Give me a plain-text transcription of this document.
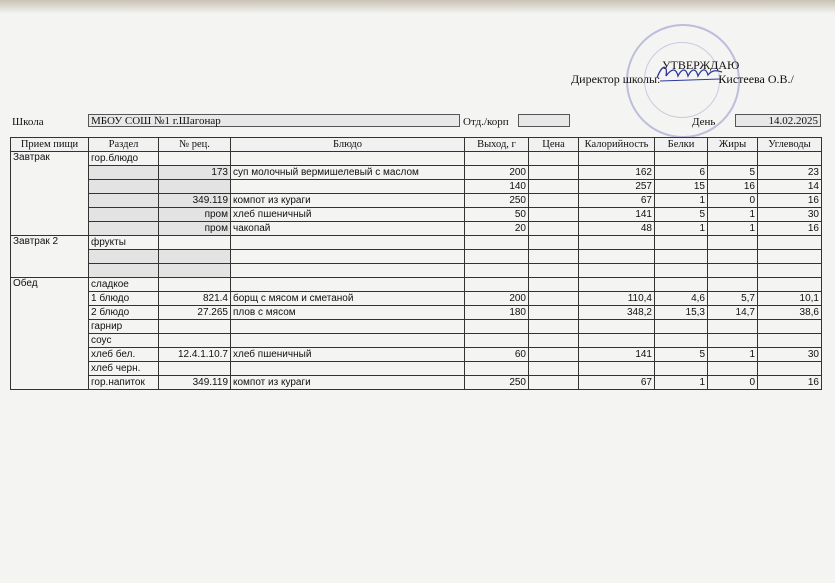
УТВЕРЖДАЮ
Директор школы:	Кистеева О.В./
Школа	МБОУ СОШ №1 г.Шагонар	Отд./корп	День	14.02.2025
Прием пищи	Раздел	№ рец.	Блюдо	Выход, г	Цена	Калорийность	Белки	Жиры	Углеводы
Завтрак	гор.блюдо								
		173	суп молочный вермишелевый с маслом	200		162	6	5	23
				140		257	15	16	14
		349.119	компот из кураги	250		67	1	0	16
		пром	хлеб пшеничный	50		141	5	1	30
		пром	чакопай	20		48	1	1	16
Завтрак 2	фрукты								

Обед	сладкое								
	1 блюдо	821.4	борщ с мясом и сметаной	200		110,4	4,6	5,7	10,1
	2 блюдо	27.265	плов с мясом	180		348,2	15,3	14,7	38,6
	гарнир								
	соус								
	хлеб бел.	12.4.1.10.7	хлеб пшеничный	60		141	5	1	30
	хлеб черн.								
	гор.напиток	349.119	компот из кураги	250		67	1	0	16
